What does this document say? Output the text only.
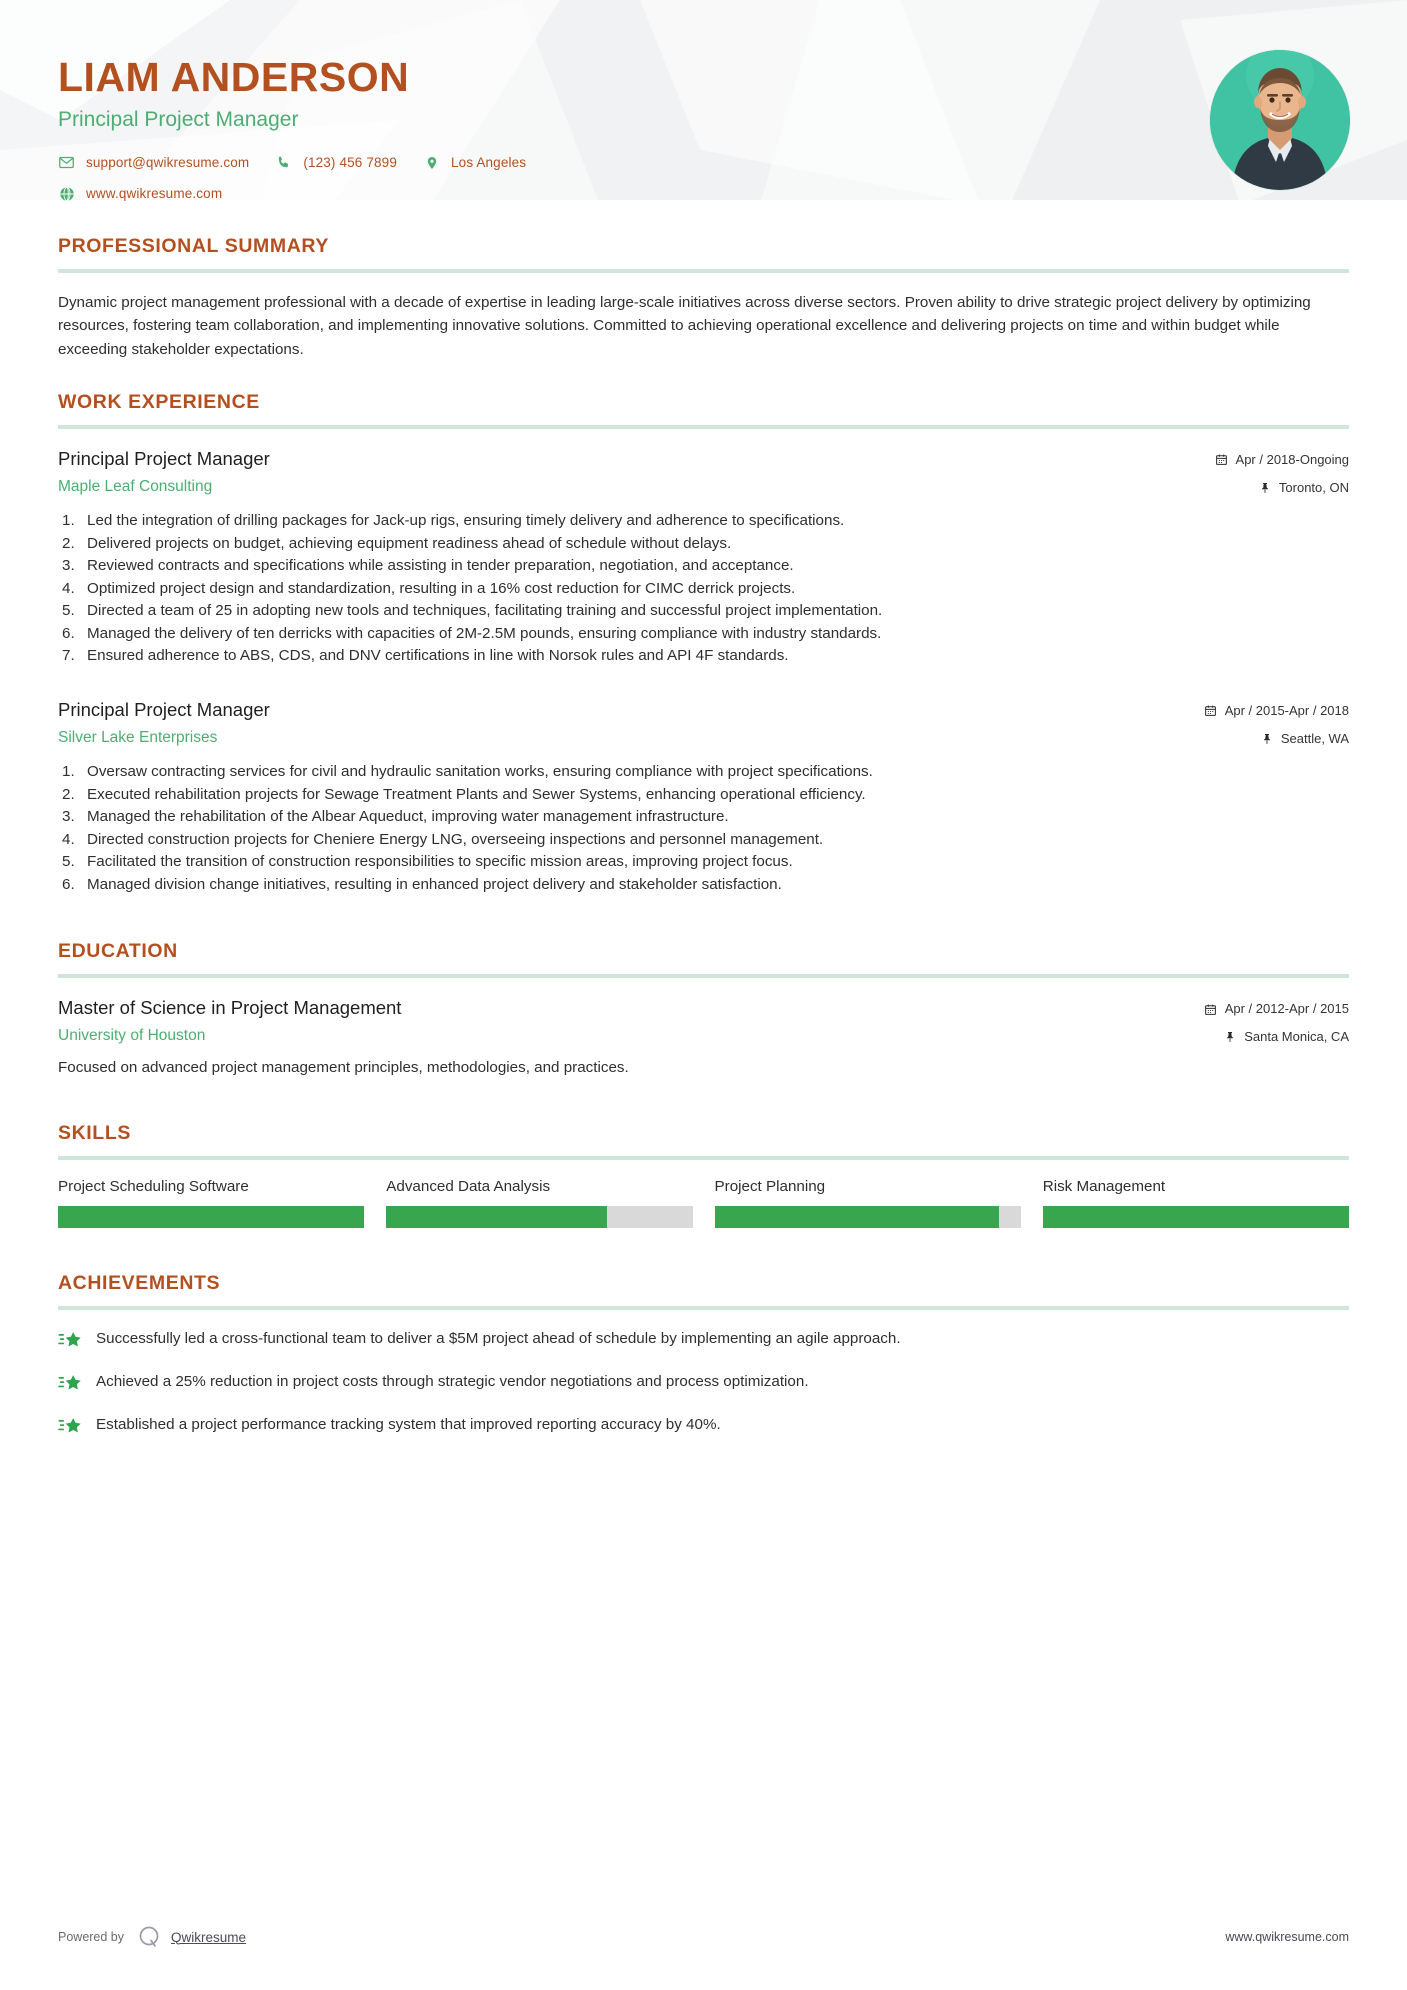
LIAM ANDERSON
Principal Project Manager
support@qwikresume.com	(123) 456 7899	Los Angeles
www.qwikresume.com
PROFESSIONAL SUMMARY
Dynamic project management professional with a decade of expertise in leading large-scale initiatives across diverse sectors. Proven ability to drive strategic project delivery by optimizing resources, fostering team collaboration, and implementing innovative solutions. Committed to achieving operational excellence and delivering projects on time and within budget while exceeding stakeholder expectations.
WORK EXPERIENCE
Principal Project Manager
Maple Leaf Consulting
Apr / 2018-Ongoing
Toronto, ON
Led the integration of drilling packages for Jack-up rigs, ensuring timely delivery and adherence to specifications.
Delivered projects on budget, achieving equipment readiness ahead of schedule without delays.
Reviewed contracts and specifications while assisting in tender preparation, negotiation, and acceptance.
Optimized project design and standardization, resulting in a 16% cost reduction for CIMC derrick projects.
Directed a team of 25 in adopting new tools and techniques, facilitating training and successful project implementation.
Managed the delivery of ten derricks with capacities of 2M-2.5M pounds, ensuring compliance with industry standards.
Ensured adherence to ABS, CDS, and DNV certifications in line with Norsok rules and API 4F standards.
Principal Project Manager
Silver Lake Enterprises
Apr / 2015-Apr / 2018
Seattle, WA
Oversaw contracting services for civil and hydraulic sanitation works, ensuring compliance with project specifications.
Executed rehabilitation projects for Sewage Treatment Plants and Sewer Systems, enhancing operational efficiency.
Managed the rehabilitation of the Albear Aqueduct, improving water management infrastructure.
Directed construction projects for Cheniere Energy LNG, overseeing inspections and personnel management.
Facilitated the transition of construction responsibilities to specific mission areas, improving project focus.
Managed division change initiatives, resulting in enhanced project delivery and stakeholder satisfaction.
EDUCATION
Master of Science in Project Management
University of Houston
Apr / 2012-Apr / 2015
Santa Monica, CA
Focused on advanced project management principles, methodologies, and practices.
SKILLS
Project Scheduling Software	Advanced Data Analysis	Project Planning	Risk Management
ACHIEVEMENTS
Successfully led a cross-functional team to deliver a $5M project ahead of schedule by implementing an agile approach.
Achieved a 25% reduction in project costs through strategic vendor negotiations and process optimization.
Established a project performance tracking system that improved reporting accuracy by 40%.
Powered by	Qwikresume	www.qwikresume.com
